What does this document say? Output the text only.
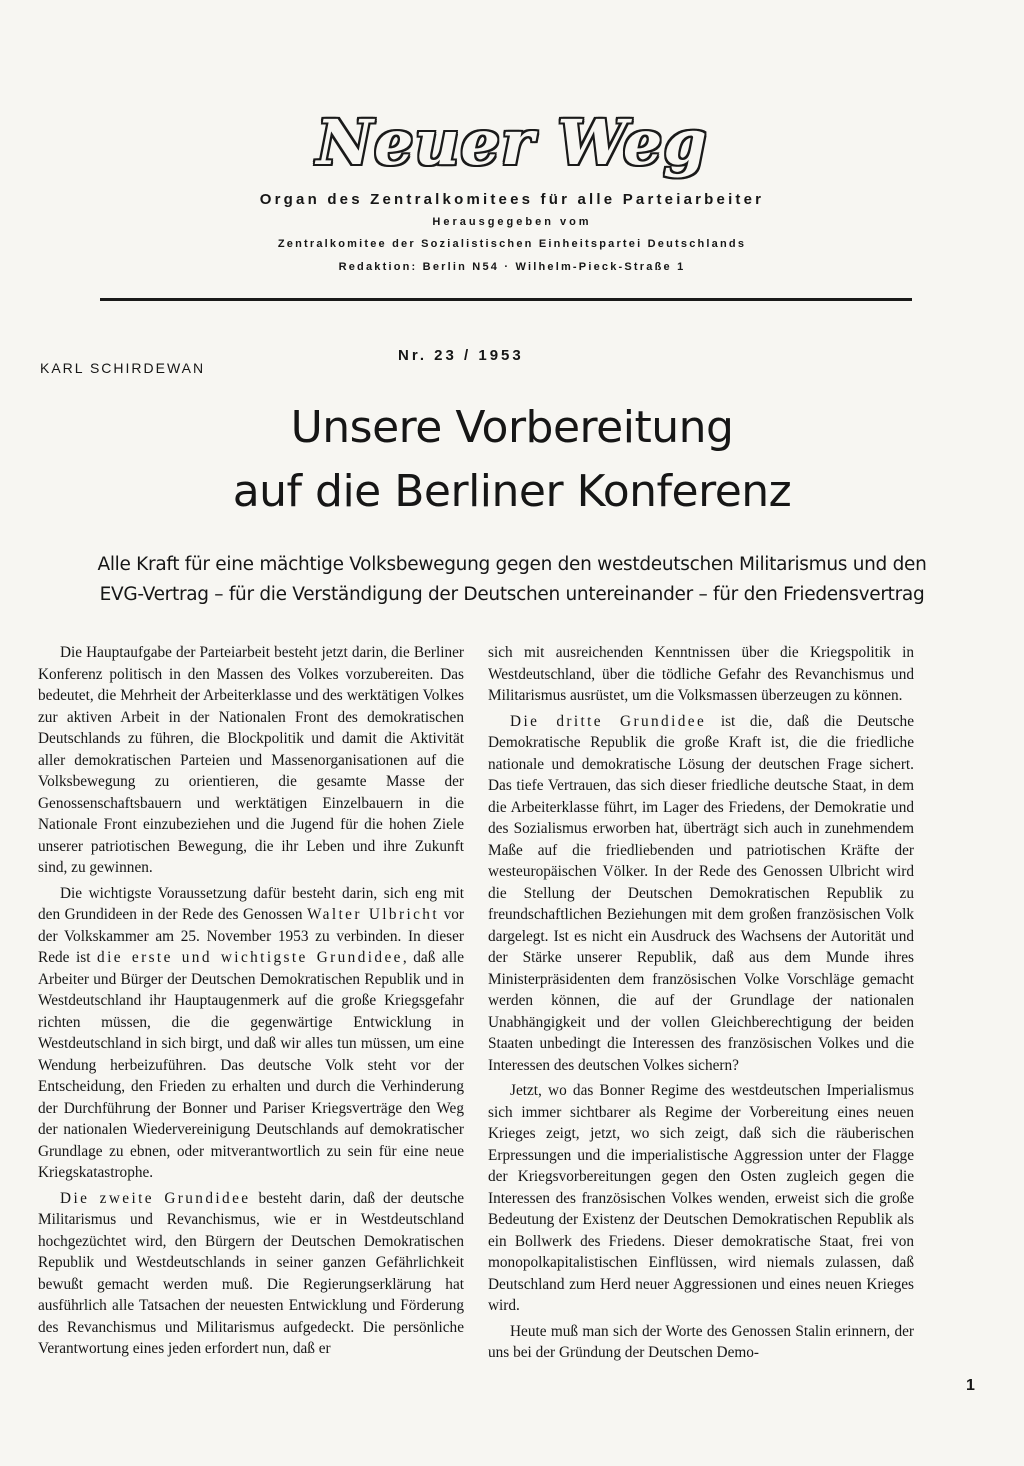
Neuer Weg
Organ des Zentralkomitees für alle Parteiarbeiter
Herausgegeben vom
Zentralkomitee der Sozialistischen Einheitspartei Deutschlands
Redaktion: Berlin N54 · Wilhelm-Pieck-Straße 1
KARL SCHIRDEWAN
Nr. 23 / 1953
Unsere Vorbereitung
auf die Berliner Konferenz
Alle Kraft für eine mächtige Volksbewegung gegen den westdeutschen Militarismus und den
EVG-Vertrag – für die Verständigung der Deutschen untereinander – für den Friedensvertrag

Die Hauptaufgabe der Parteiarbeit besteht jetzt darin, die Berliner Konferenz politisch in den Massen des Volkes vorzubereiten. Das bedeutet, die Mehrheit der Arbeiterklasse und des werktätigen Volkes zur aktiven Arbeit in der Nationalen Front des demokratischen Deutschlands zu führen, die Blockpolitik und damit die Aktivität aller demokratischen Parteien und Massenorganisationen auf die Volksbewegung zu orientieren, die gesamte Masse der Genossenschaftsbauern und werktätigen Einzelbauern in die Nationale Front einzubeziehen und die Jugend für die hohen Ziele unserer patriotischen Bewegung, die ihr Leben und ihre Zukunft sind, zu gewinnen.

Die wichtigste Voraussetzung dafür besteht darin, sich eng mit den Grundideen in der Rede des Genossen Walter Ulbricht vor der Volkskammer am 25. November 1953 zu verbinden. In dieser Rede ist die erste und wichtigste Grundidee, daß alle Arbeiter und Bürger der Deutschen Demokratischen Republik und in Westdeutschland ihr Hauptaugenmerk auf die große Kriegsgefahr richten müssen, die die gegenwärtige Entwicklung in Westdeutschland in sich birgt, und daß wir alles tun müssen, um eine Wendung herbeizuführen. Das deutsche Volk steht vor der Entscheidung, den Frieden zu erhalten und durch die Verhinderung der Durchführung der Bonner und Pariser Kriegsverträge den Weg der nationalen Wiedervereinigung Deutschlands auf demokratischer Grundlage zu ebnen, oder mitverantwortlich zu sein für eine neue Kriegskatastrophe.

Die zweite Grundidee besteht darin, daß der deutsche Militarismus und Revanchismus, wie er in Westdeutschland hochgezüchtet wird, den Bürgern der Deutschen Demokratischen Republik und Westdeutschlands in seiner ganzen Gefährlichkeit bewußt gemacht werden muß. Die Regierungserklärung hat ausführlich alle Tatsachen der neuesten Entwicklung und Förderung des Revanchismus und Militarismus aufgedeckt. Die persönliche Verantwortung eines jeden erfordert nun, daß er

sich mit ausreichenden Kenntnissen über die Kriegspolitik in Westdeutschland, über die tödliche Gefahr des Revanchismus und Militarismus ausrüstet, um die Volksmassen überzeugen zu können.

Die dritte Grundidee ist die, daß die Deutsche Demokratische Republik die große Kraft ist, die die friedliche nationale und demokratische Lösung der deutschen Frage sichert. Das tiefe Vertrauen, das sich dieser friedliche deutsche Staat, in dem die Arbeiterklasse führt, im Lager des Friedens, der Demokratie und des Sozialismus erworben hat, überträgt sich auch in zunehmendem Maße auf die friedliebenden und patriotischen Kräfte der westeuropäischen Völker. In der Rede des Genossen Ulbricht wird die Stellung der Deutschen Demokratischen Republik zu freundschaftlichen Beziehungen mit dem großen französischen Volk dargelegt. Ist es nicht ein Ausdruck des Wachsens der Autorität und der Stärke unserer Republik, daß aus dem Munde ihres Ministerpräsidenten dem französischen Volke Vorschläge gemacht werden können, die auf der Grundlage der nationalen Unabhängigkeit und der vollen Gleichberechtigung der beiden Staaten unbedingt die Interessen des französischen Volkes und die Interessen des deutschen Volkes sichern?

Jetzt, wo das Bonner Regime des westdeutschen Imperialismus sich immer sichtbarer als Regime der Vorbereitung eines neuen Krieges zeigt, jetzt, wo sich zeigt, daß sich die räuberischen Erpressungen und die imperialistische Aggression unter der Flagge der Kriegsvorbereitungen gegen den Osten zugleich gegen die Interessen des französischen Volkes wenden, erweist sich die große Bedeutung der Existenz der Deutschen Demokratischen Republik als ein Bollwerk des Friedens. Dieser demokratische Staat, frei von monopolkapitalistischen Einflüssen, wird niemals zulassen, daß Deutschland zum Herd neuer Aggressionen und eines neuen Krieges wird.

Heute muß man sich der Worte des Genossen Stalin erinnern, der uns bei der Gründung der Deutschen Demo-

1
